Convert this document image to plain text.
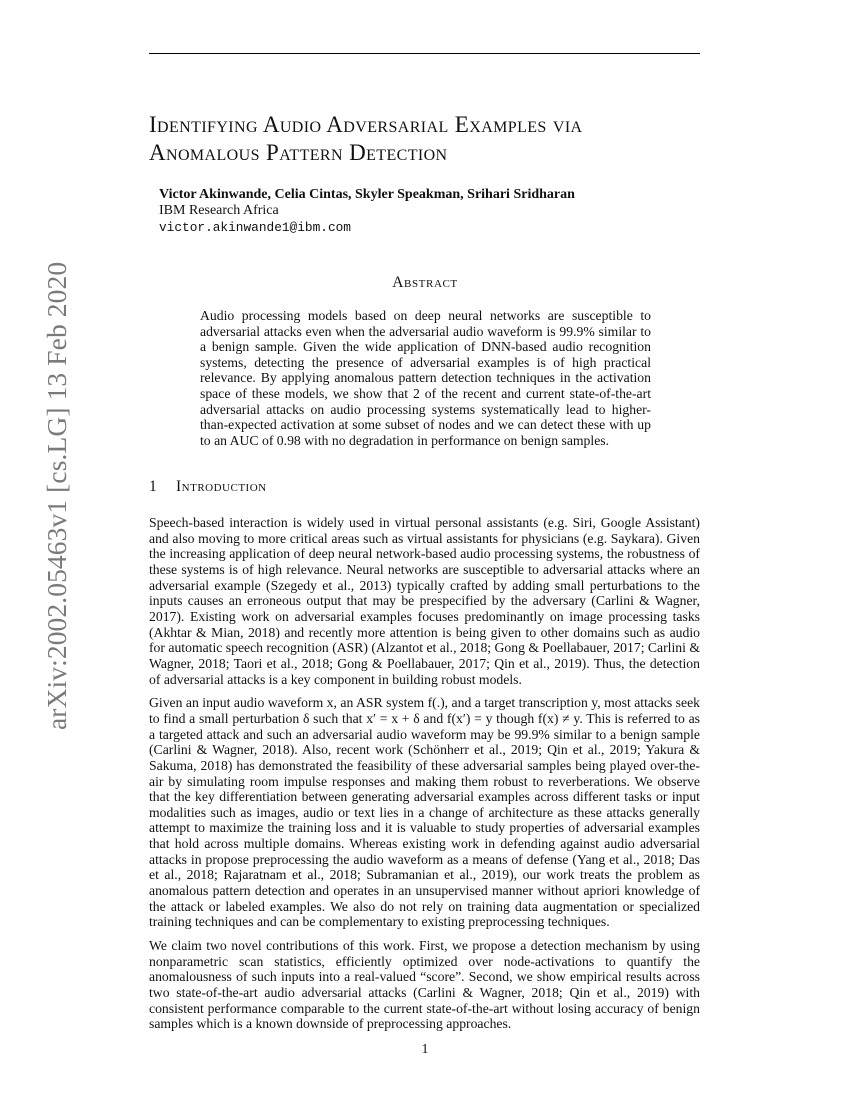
arXiv:2002.05463v1 [cs.LG] 13 Feb 2020
Identifying Audio Adversarial Examples via
Anomalous Pattern Detection
Victor Akinwande, Celia Cintas, Skyler Speakman, Srihari Sridharan
IBM Research Africa
victor.akinwande1@ibm.com
Abstract
Audio processing models based on deep neural networks are susceptible to adversarial attacks even when the adversarial audio waveform is 99.9% similar to a benign sample. Given the wide application of DNN-based audio recognition systems, detecting the presence of adversarial examples is of high practical relevance. By applying anomalous pattern detection techniques in the activation space of these models, we show that 2 of the recent and current state-of-the-art adversarial attacks on audio processing systems systematically lead to higher-than-expected activation at some subset of nodes and we can detect these with up to an AUC of 0.98 with no degradation in performance on benign samples.
1 Introduction

Speech-based interaction is widely used in virtual personal assistants (e.g. Siri, Google Assistant) and also moving to more critical areas such as virtual assistants for physicians (e.g. Saykara). Given the increasing application of deep neural network-based audio processing systems, the robustness of these systems is of high relevance. Neural networks are susceptible to adversarial attacks where an adversarial example (Szegedy et al., 2013) typically crafted by adding small perturbations to the inputs causes an erroneous output that may be prespecified by the adversary (Carlini & Wagner, 2017). Existing work on adversarial examples focuses predominantly on image processing tasks (Akhtar & Mian, 2018) and recently more attention is being given to other domains such as audio for automatic speech recognition (ASR) (Alzantot et al., 2018; Gong & Poellabauer, 2017; Carlini & Wagner, 2018; Taori et al., 2018; Gong & Poellabauer, 2017; Qin et al., 2019). Thus, the detection of adversarial attacks is a key component in building robust models.

Given an input audio waveform x, an ASR system f(.), and a target transcription y, most attacks seek to find a small perturbation δ such that x′ = x + δ and f(x′) = y though f(x) ≠ y. This is referred to as a targeted attack and such an adversarial audio waveform may be 99.9% similar to a benign sample (Carlini & Wagner, 2018). Also, recent work (Schönherr et al., 2019; Qin et al., 2019; Yakura & Sakuma, 2018) has demonstrated the feasibility of these adversarial samples being played over-the-air by simulating room impulse responses and making them robust to reverberations. We observe that the key differentiation between generating adversarial examples across different tasks or input modalities such as images, audio or text lies in a change of architecture as these attacks generally attempt to maximize the training loss and it is valuable to study properties of adversarial examples that hold across multiple domains. Whereas existing work in defending against audio adversarial attacks in propose preprocessing the audio waveform as a means of defense (Yang et al., 2018; Das et al., 2018; Rajaratnam et al., 2018; Subramanian et al., 2019), our work treats the problem as anomalous pattern detection and operates in an unsupervised manner without apriori knowledge of the attack or labeled examples. We also do not rely on training data augmentation or specialized training techniques and can be complementary to existing preprocessing techniques.

We claim two novel contributions of this work. First, we propose a detection mechanism by using nonparametric scan statistics, efficiently optimized over node-activations to quantify the anomalousness of such inputs into a real-valued “score”. Second, we show empirical results across two state-of-the-art audio adversarial attacks (Carlini & Wagner, 2018; Qin et al., 2019) with consistent performance comparable to the current state-of-the-art without losing accuracy of benign samples which is a known downside of preprocessing approaches.

1
